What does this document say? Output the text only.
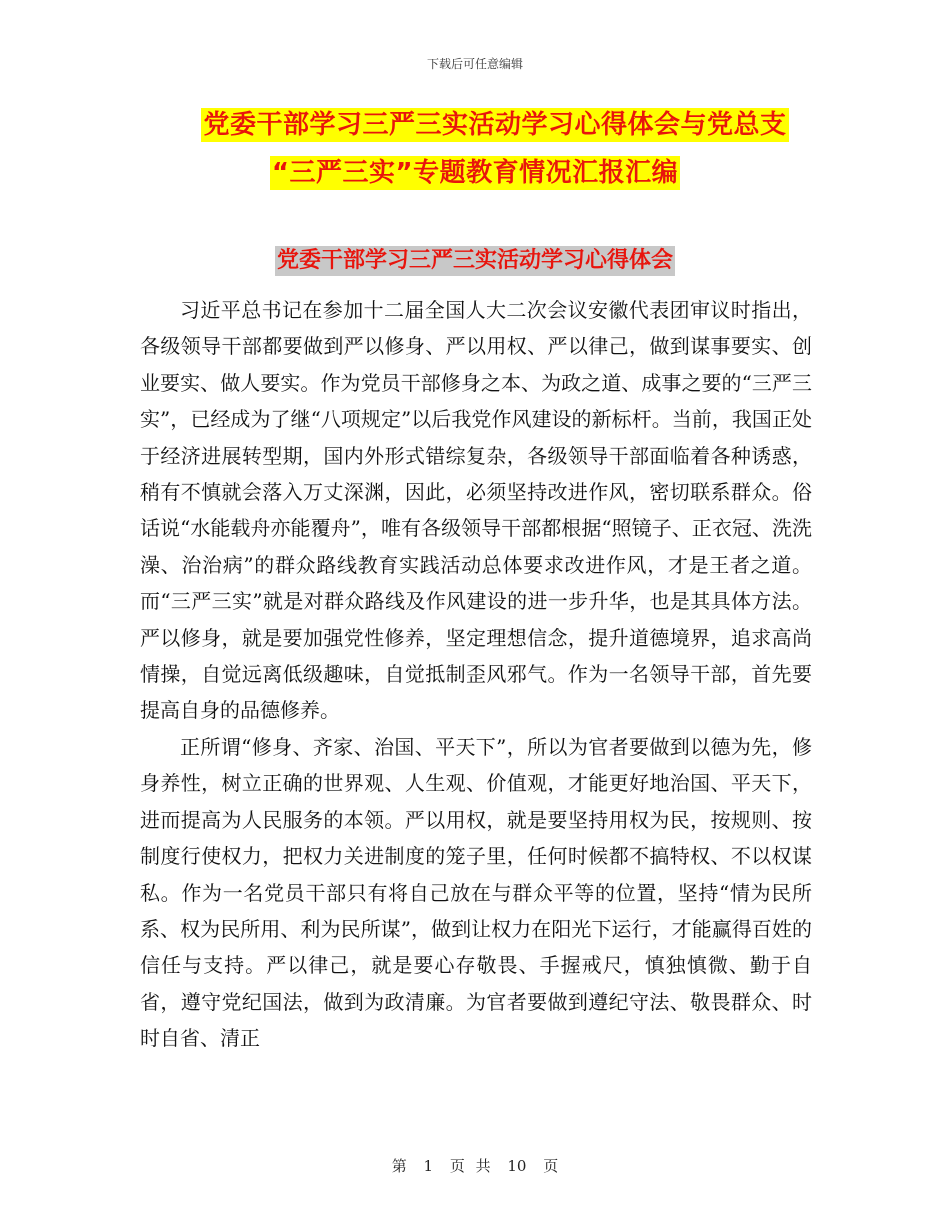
下载后可任意编辑
党委干部学习三严三实活动学习心得体会与党总支
“三严三实”专题教育情况汇报汇编
党委干部学习三严三实活动学习心得体会

习近平总书记在参加十二届全国人大二次会议安徽代表团审议时指出，各级领导干部都要做到严以修身、严以用权、严以律己，做到谋事要实、创业要实、做人要实。作为党员干部修身之本、为政之道、成事之要的“三严三实”，已经成为了继“八项规定”以后我党作风建设的新标杆。当前，我国正处于经济进展转型期，国内外形式错综复杂，各级领导干部面临着各种诱惑，稍有不慎就会落入万丈深渊，因此，必须坚持改进作风，密切联系群众。俗话说“水能载舟亦能覆舟”，唯有各级领导干部都根据“照镜子、正衣冠、洗洗澡、治治病”的群众路线教育实践活动总体要求改进作风，才是王者之道。而“三严三实”就是对群众路线及作风建设的进一步升华，也是其具体方法。严以修身，就是要加强党性修养，坚定理想信念，提升道德境界，追求高尚情操，自觉远离低级趣味，自觉抵制歪风邪气。作为一名领导干部，首先要提高自身的品德修养。

正所谓“修身、齐家、治国、平天下”，所以为官者要做到以德为先，修身养性，树立正确的世界观、人生观、价值观，才能更好地治国、平天下，进而提高为人民服务的本领。严以用权，就是要坚持用权为民，按规则、按制度行使权力，把权力关进制度的笼子里，任何时候都不搞特权、不以权谋私。作为一名党员干部只有将自己放在与群众平等的位置，坚持“情为民所系、权为民所用、利为民所谋”，做到让权力在阳光下运行，才能赢得百姓的信任与支持。严以律己，就是要心存敬畏、手握戒尺，慎独慎微、勤于自省，遵守党纪国法，做到为政清廉。为官者要做到遵纪守法、敬畏群众、时时自省、清正

第 1 页 共 10 页
